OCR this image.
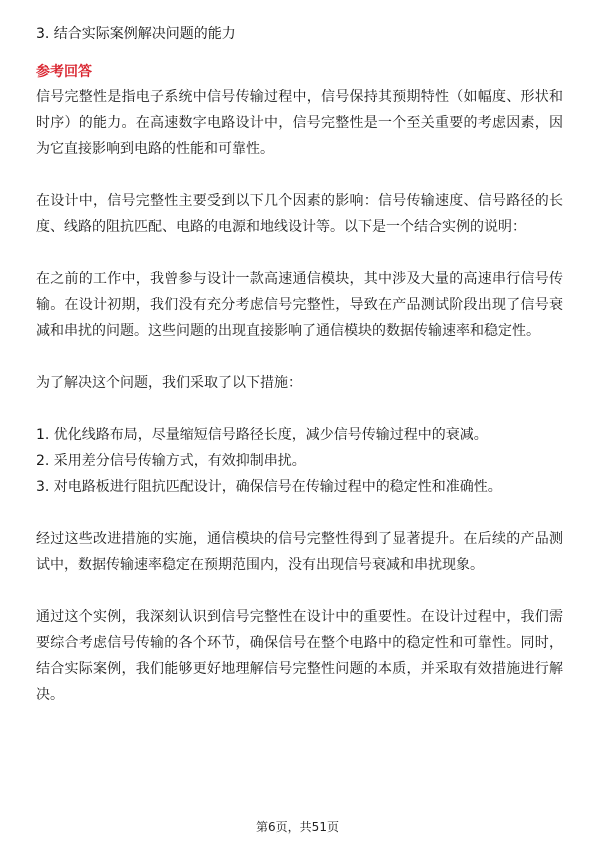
3. 结合实际案例解决问题的能力
参考回答

信号完整性是指电子系统中信号传输过程中，信号保持其预期特性（如幅度、形状和时序）的能力。在高速数字电路设计中，信号完整性是一个至关重要的考虑因素，因为它直接影响到电路的性能和可靠性。

在设计中，信号完整性主要受到以下几个因素的影响：信号传输速度、信号路径的长度、线路的阻抗匹配、电路的电源和地线设计等。以下是一个结合实例的说明：

在之前的工作中，我曾参与设计一款高速通信模块，其中涉及大量的高速串行信号传输。在设计初期，我们没有充分考虑信号完整性，导致在产品测试阶段出现了信号衰减和串扰的问题。这些问题的出现直接影响了通信模块的数据传输速率和稳定性。

为了解决这个问题，我们采取了以下措施：

1. 优化线路布局，尽量缩短信号路径长度，减少信号传输过程中的衰减。
2. 采用差分信号传输方式，有效抑制串扰。
3. 对电路板进行阻抗匹配设计，确保信号在传输过程中的稳定性和准确性。

经过这些改进措施的实施，通信模块的信号完整性得到了显著提升。在后续的产品测试中，数据传输速率稳定在预期范围内，没有出现信号衰减和串扰现象。

通过这个实例，我深刻认识到信号完整性在设计中的重要性。在设计过程中，我们需要综合考虑信号传输的各个环节，确保信号在整个电路中的稳定性和可靠性。同时，结合实际案例，我们能够更好地理解信号完整性问题的本质，并采取有效措施进行解决。

第6页，共51页
